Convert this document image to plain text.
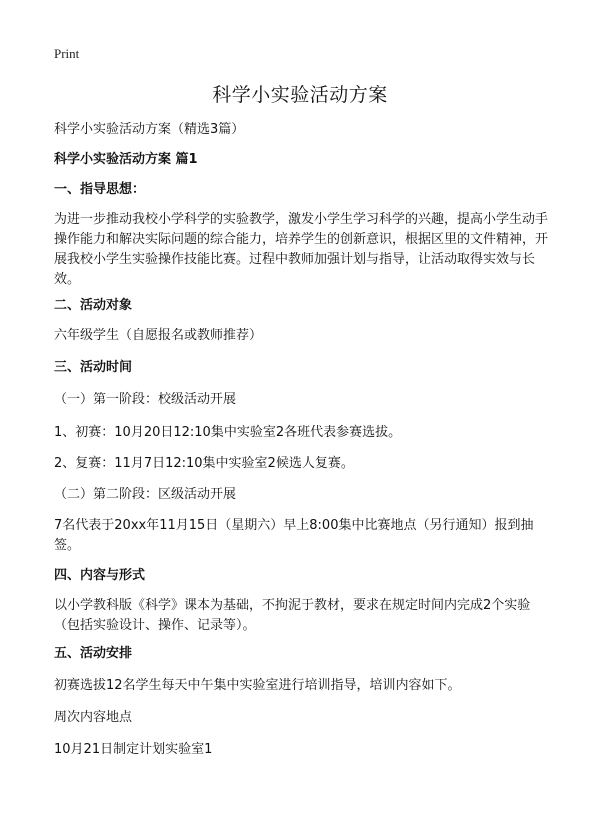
Print
科学小实验活动方案

科学小实验活动方案（精选3篇）

科学小实验活动方案 篇1

一、指导思想：

为进一步推动我校小学科学的实验教学，激发小学生学习科学的兴趣，提高小学生动手操作能力和解决实际问题的综合能力，培养学生的创新意识，根据区里的文件精神，开展我校小学生实验操作技能比赛。过程中教师加强计划与指导，让活动取得实效与长效。

二、活动对象

六年级学生（自愿报名或教师推荐）

三、活动时间

（一）第一阶段：校级活动开展

1、初赛：10月20日12:10集中实验室2各班代表参赛选拔。

2、复赛：11月7日12:10集中实验室2候选人复赛。

（二）第二阶段：区级活动开展

7名代表于20xx年11月15日（星期六）早上8:00集中比赛地点（另行通知）报到抽签。

四、内容与形式

以小学教科版《科学》课本为基础，不拘泥于教材，要求在规定时间内完成2个实验（包括实验设计、操作、记录等）。

五、活动安排

初赛选拔12名学生每天中午集中实验室进行培训指导，培训内容如下。

周次内容地点

10月21日制定计划实验室1
